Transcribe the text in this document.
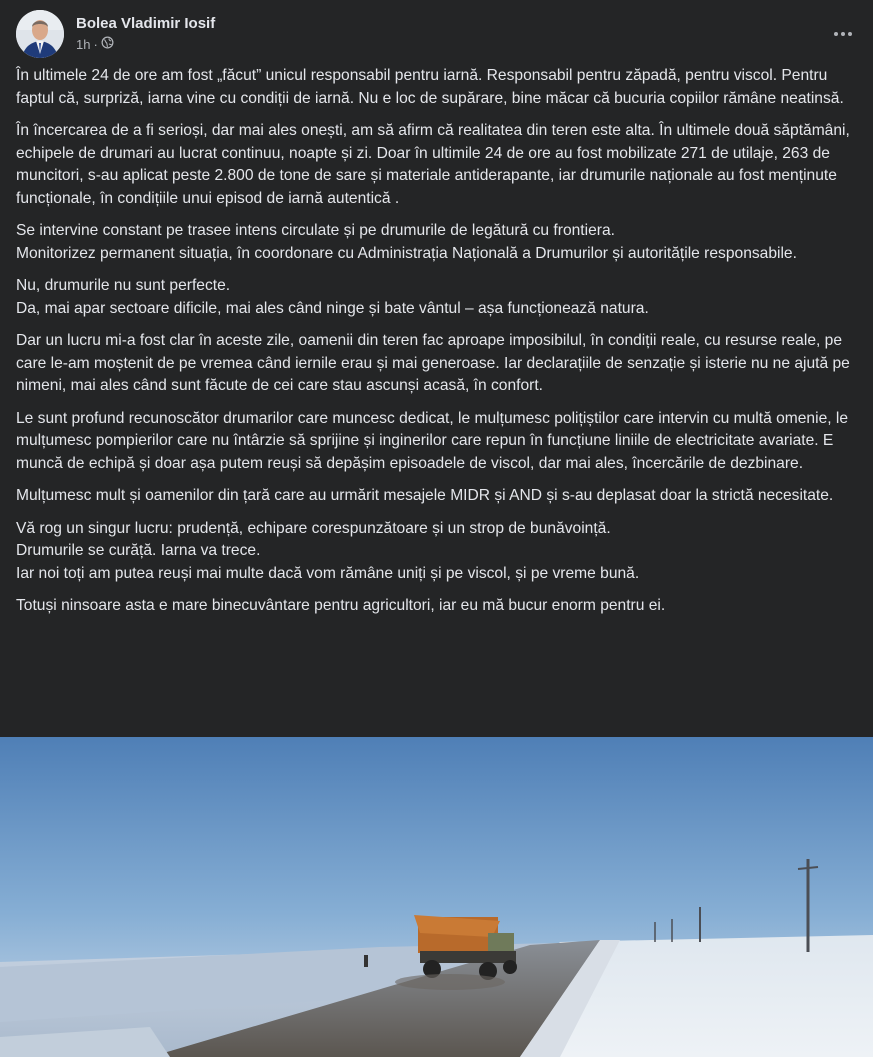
Bolea Vladimir Iosif
1h ·

În ultimele 24 de ore am fost „făcut” unicul responsabil pentru iarnă. Responsabil pentru zăpadă, pentru viscol. Pentru faptul că, surpriză, iarna vine cu condiții de iarnă. Nu e loc de supărare, bine măcar că bucuria copiilor rămâne neatinsă.

În încercarea de a fi serioși, dar mai ales onești, am să afirm că realitatea din teren este alta. În ultimele două săptămâni, echipele de drumari au lucrat continuu, noapte și zi. Doar în ultimile 24 de ore au fost mobilizate 271 de utilaje, 263 de muncitori, s-au aplicat peste 2.800 de tone de sare și materiale antiderapante, iar drumurile naționale au fost menținute funcționale, în condițiile unui episod de iarnă autentică .

Se intervine constant pe trasee intens circulate și pe drumurile de legătură cu frontiera.
Monitorizez permanent situația, în coordonare cu Administrația Națională a Drumurilor și autoritățile responsabile.

Nu, drumurile nu sunt perfecte.
Da, mai apar sectoare dificile, mai ales când ninge și bate vântul – așa funcționează natura.

Dar un lucru mi-a fost clar în aceste zile, oamenii din teren fac aproape imposibilul, în condiții reale, cu resurse reale, pe care le-am moștenit de pe vremea când iernile erau și mai generoase. Iar declarațiile de senzație și isterie nu ne ajută pe nimeni, mai ales când sunt făcute de cei care stau ascunși acasă, în confort.

Le sunt profund recunoscător drumarilor care muncesc dedicat, le mulțumesc polițiștilor care intervin cu multă omenie, le mulțumesc pompierilor care nu întârzie să sprijine și inginerilor care repun în funcțiune liniile de electricitate avariate. E muncă de echipă și doar așa putem reuși să depășim episoadele de viscol, dar mai ales, încercările de dezbinare.

Mulțumesc mult și oamenilor din țară care au urmărit mesajele MIDR și AND și s-au deplasat doar la strictă necesitate.

Vă rog un singur lucru: prudență, echipare corespunzătoare și un strop de bunăvoință.
Drumurile se curăță. Iarna va trece.
Iar noi toți am putea reuși mai multe dacă vom rămâne uniți și pe viscol, și pe vreme bună.

Totuși ninsoare asta e mare binecuvântare pentru agricultori, iar eu mă bucur enorm pentru ei.
